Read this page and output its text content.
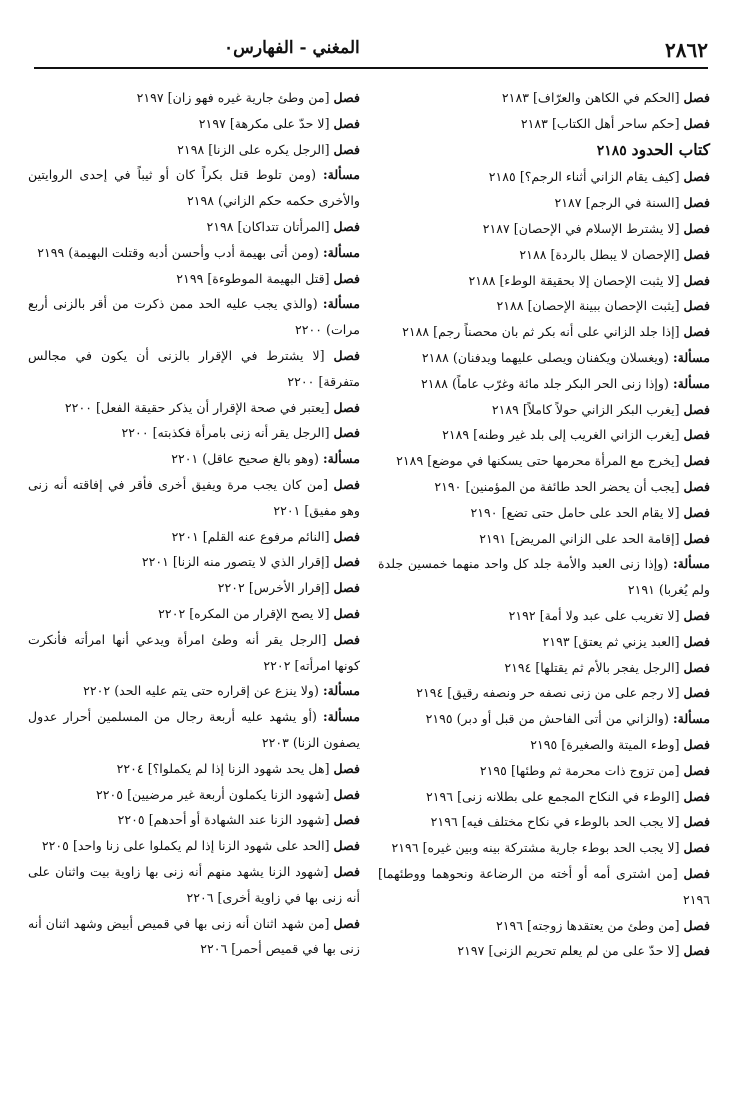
٢٨٦٢
المغني - الفهارس٠
فصل [الحكم في الكاهن والعرّاف] ٢١٨٣
فصل [حكم ساحر أهل الكتاب] ٢١٨٣
كتاب الحدود ٢١٨٥
فصل [كيف يقام الزاني أثناء الرجم؟] ٢١٨٥
فصل [السنة في الرجم] ٢١٨٧
فصل [لا يشترط الإسلام في الإحصان] ٢١٨٧
فصل [الإحصان لا يبطل بالردة] ٢١٨٨
فصل [لا يثبت الإحصان إلا بحقيقة الوطء] ٢١٨٨
فصل [يثبت الإحصان ببينة الإحصان] ٢١٨٨
فصل [إذا جلد الزاني على أنه بكر ثم بان محصناً رجم] ٢١٨٨
مسألة: (ويغسلان ويكفنان ويصلى عليهما ويدفنان) ٢١٨٨
مسألة: (وإذا زنى الحر البكر جلد مائة وغرّب عاماً) ٢١٨٨
فصل [يغرب البكر الزاني حولاً كاملاً] ٢١٨٩
فصل [يغرب الزاني الغريب إلى بلد غير وطنه] ٢١٨٩
فصل [يخرج مع المرأة محرمها حتى يسكنها في موضع] ٢١٨٩
فصل [يجب أن يحضر الحد طائفة من المؤمنين] ٢١٩٠
فصل [لا يقام الحد على حامل حتى تضع] ٢١٩٠
فصل [إقامة الحد على الزاني المريض] ٢١٩١
مسألة: (وإذا زنى العبد والأمة جلد كل واحد منهما خمسين جلدة ولم يُغربا) ٢١٩١
فصل [لا تغريب على عبد ولا أمة] ٢١٩٢
فصل [العبد يزني ثم يعتق] ٢١٩٣
فصل [الرجل يفجر بالأم ثم يقتلها] ٢١٩٤
فصل [لا رجم على من زنى نصفه حر ونصفه رقيق] ٢١٩٤
مسألة: (والزاني من أتى الفاحش من قبل أو دبر) ٢١٩٥
فصل [وطء الميتة والصغيرة] ٢١٩٥
فصل [من تزوج ذات محرمة ثم وطئها] ٢١٩٥
فصل [الوطء في النكاح المجمع على بطلانه زنى] ٢١٩٦
فصل [لا يجب الحد بالوطء في نكاح مختلف فيه] ٢١٩٦
فصل [لا يجب الحد بوطء جارية مشتركة بينه وبين غيره] ٢١٩٦
فصل [من اشترى أمه أو أخته من الرضاعة ونحوهما ووطئهما] ٢١٩٦
فصل [من وطئ من يعتقدها زوجته] ٢١٩٦
فصل [لا حدّ على من لم يعلم تحريم الزنى] ٢١٩٧
فصل [من وطئ جارية غيره فهو زان] ٢١٩٧
فصل [لا حدّ على مكرهة] ٢١٩٧
فصل [الرجل يكره على الزنا] ٢١٩٨
مسألة: (ومن تلوط قتل بكراً كان أو ثيباً في إحدى الروايتين والأخرى حكمه حكم الزاني) ٢١٩٨
فصل [المرأتان تتداكان] ٢١٩٨
مسألة: (ومن أتى بهيمة أدب وأحسن أدبه وقتلت البهيمة) ٢١٩٩
فصل [قتل البهيمة الموطوءة] ٢١٩٩
مسألة: (والذي يجب عليه الحد ممن ذكرت من أقر بالزنى أربع مرات) ٢٢٠٠
فصل [لا يشترط في الإقرار بالزنى أن يكون في مجالس متفرقة] ٢٢٠٠
فصل [يعتبر في صحة الإقرار أن يذكر حقيقة الفعل] ٢٢٠٠
فصل [الرجل يقر أنه زنى بامرأة فكذبته] ٢٢٠٠
مسألة: (وهو بالغ صحيح عاقل) ٢٢٠١
فصل [من كان يجب مرة ويفيق أخرى فأقر في إفاقته أنه زنى وهو مفيق] ٢٢٠١
فصل [النائم مرفوع عنه القلم] ٢٢٠١
فصل [إقرار الذي لا يتصور منه الزنا] ٢٢٠١
فصل [إقرار الأخرس] ٢٢٠٢
فصل [لا يصح الإقرار من المكره] ٢٢٠٢
فصل [الرجل يقر أنه وطئ امرأة ويدعي أنها امرأته فأنكرت كونها امرأته] ٢٢٠٢
مسألة: (ولا ينزع عن إقراره حتى يتم عليه الحد) ٢٢٠٢
مسألة: (أو يشهد عليه أربعة رجال من المسلمين أحرار عدول يصفون الزنا) ٢٢٠٣
فصل [هل يحد شهود الزنا إذا لم يكملوا؟] ٢٢٠٤
فصل [شهود الزنا يكملون أربعة غير مرضيين] ٢٢٠٥
فصل [شهود الزنا عند الشهادة أو أحدهم] ٢٢٠٥
فصل [الحد على شهود الزنا إذا لم يكملوا على زنا واحد] ٢٢٠٥
فصل [شهود الزنا يشهد منهم أنه زنى بها زاوية بيت واثنان على أنه زنى بها في زاوية أخرى] ٢٢٠٦
فصل [من شهد اثنان أنه زنى بها في قميص أبيض وشهد اثنان أنه زنى بها في قميص أحمر] ٢٢٠٦
